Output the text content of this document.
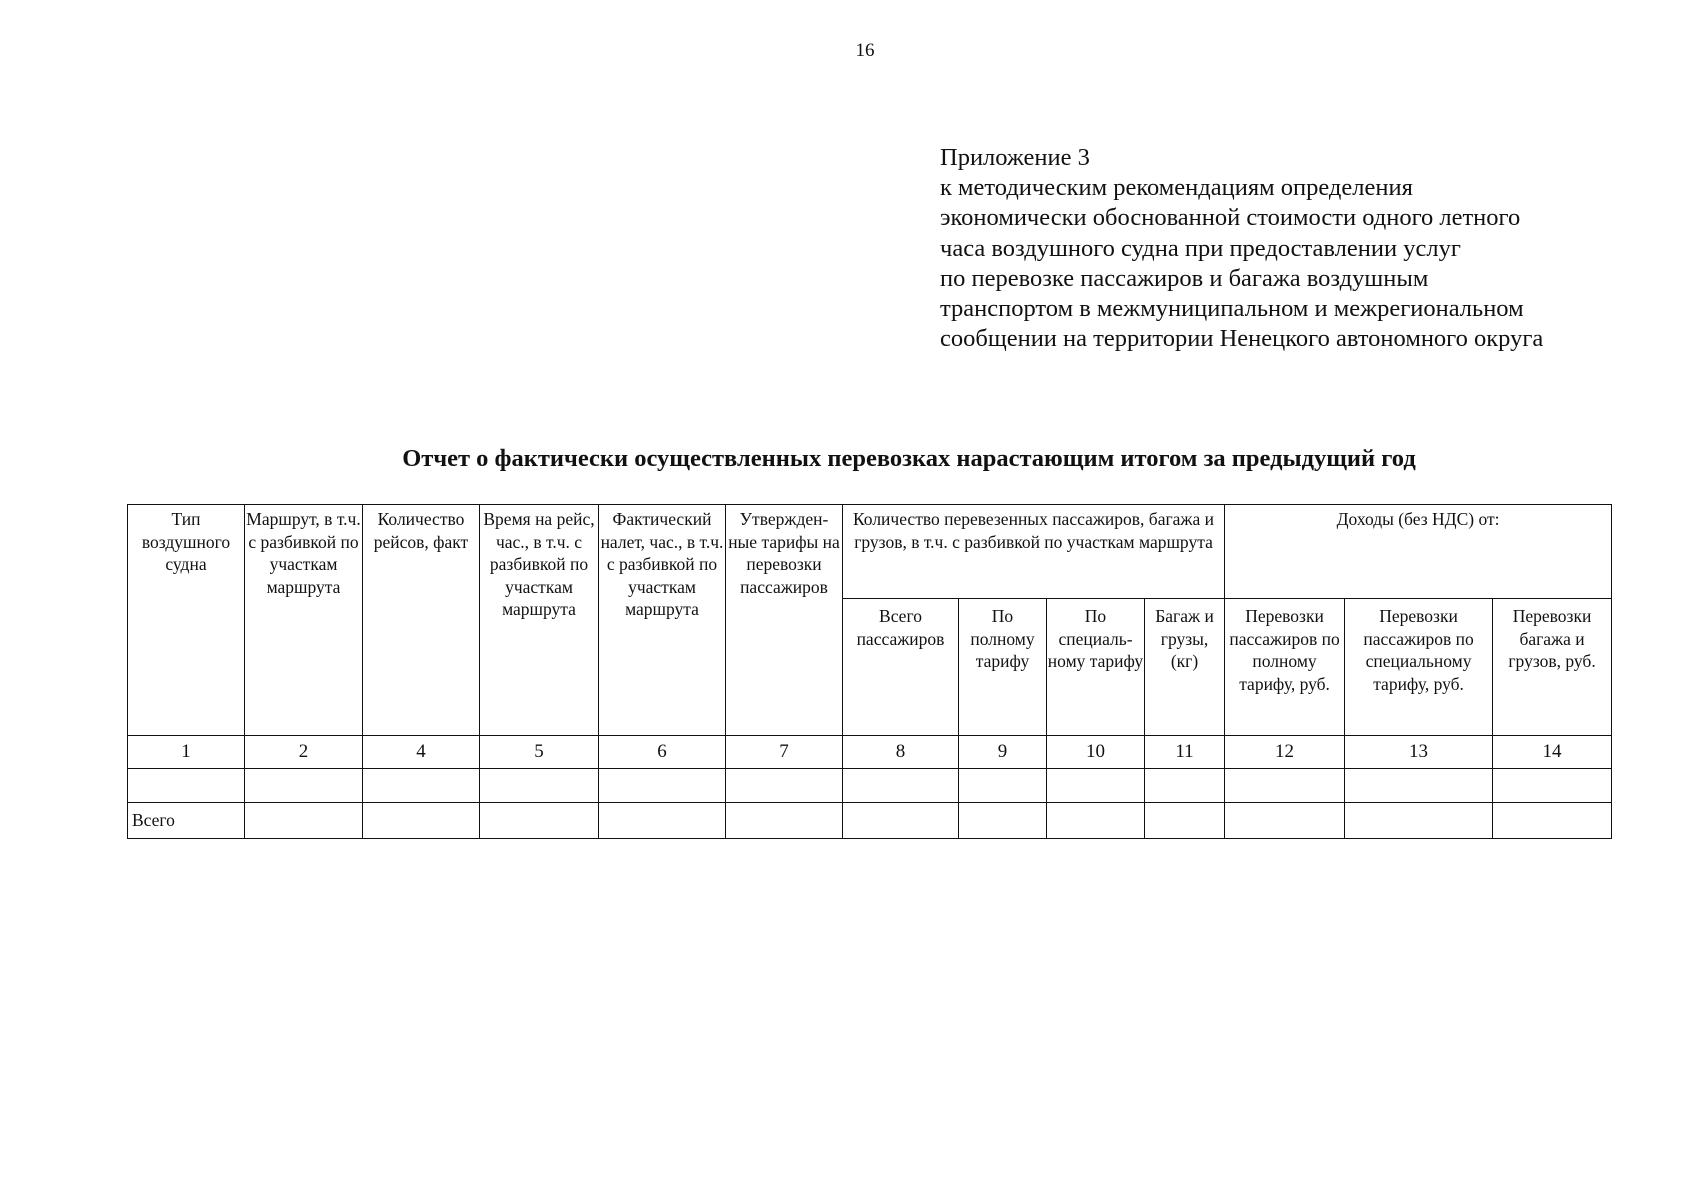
16
Приложение 3
к методическим рекомендациям определения
экономически обоснованной стоимости одного летного
часа воздушного судна при предоставлении услуг
по перевозке пассажиров и багажа воздушным
транспортом в межмуниципальном и межрегиональном
сообщении на территории Ненецкого автономного округа
Отчет о фактически осуществленных перевозках нарастающим итогом за предыдущий год
Тип воздушного судна	Маршрут, в т.ч. с разбивкой по участкам маршрута	Количество рейсов, факт	Время на рейс, час., в т.ч. с разбивкой по участкам маршрута	Фактический налет, час., в т.ч. с разбивкой по участкам маршрута	Утвержден-ные тарифы на перевозки пассажиров	Количество перевезенных пассажиров, багажа и грузов, в т.ч. с разбивкой по участкам маршрута				Доходы (без НДС) от:		
						Всего пассажиров	По полному тарифу	По специаль-ному тарифу	Багаж и грузы, (кг)	Перевозки пассажиров по полному тарифу, руб.	Перевозки пассажиров по специальному тарифу, руб.	Перевозки багажа и грузов, руб.
1	2	4	5	6	7	8	9	10	11	12	13	14

Всего												
